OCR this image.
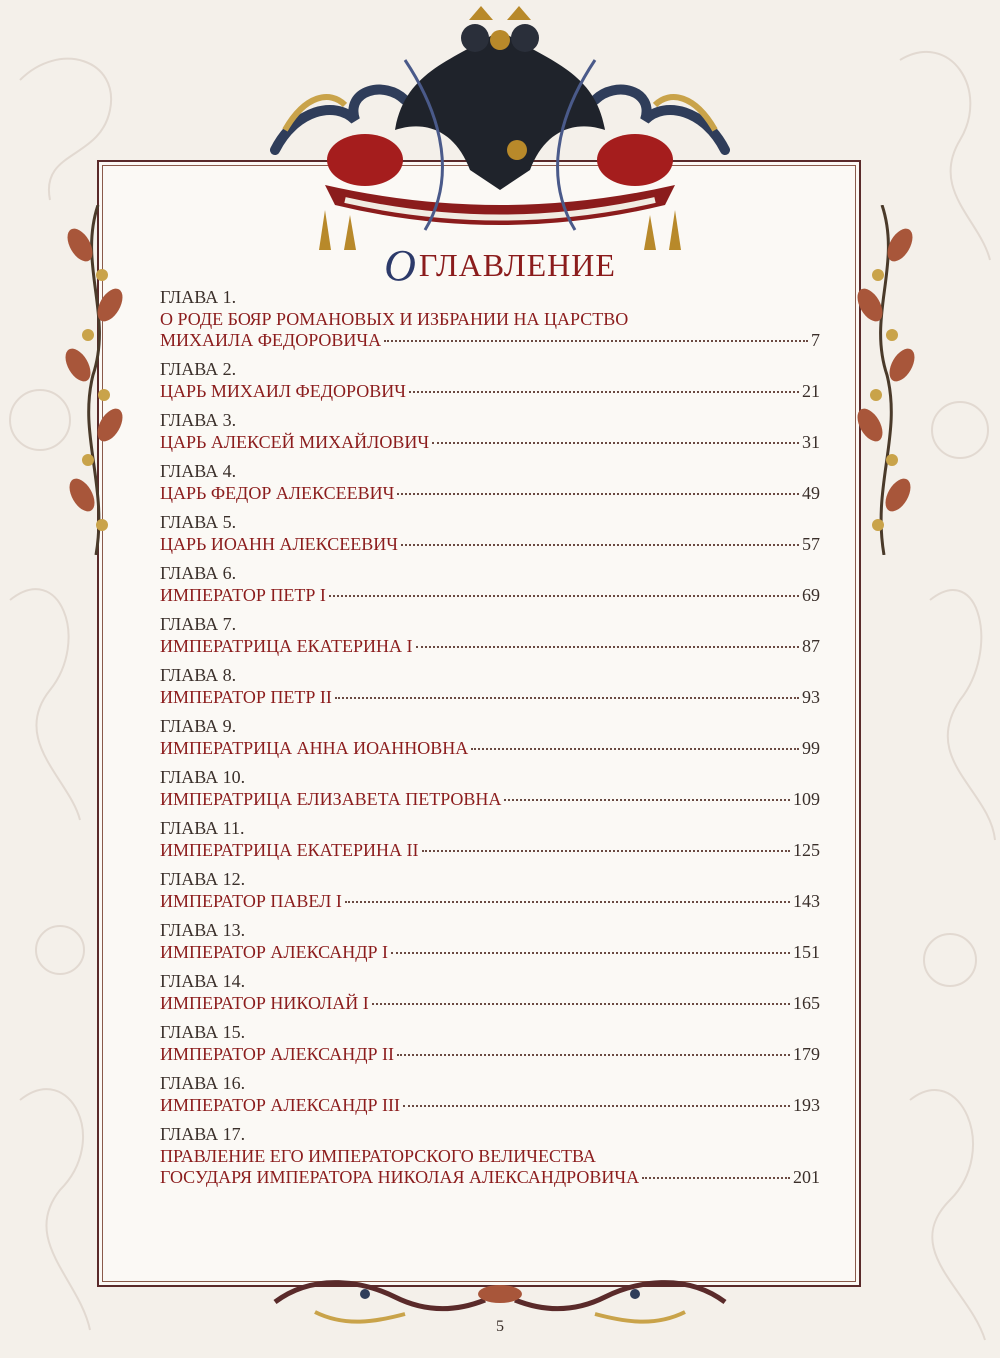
ОГЛАВЛЕНИЕ
ГЛАВА 1.
О РОДЕ БОЯР РОМАНОВЫХ И ИЗБРАНИИ НА ЦАРСТВО
МИХАИЛА ФЕДОРОВИЧА	7
ГЛАВА 2.
ЦАРЬ МИХАИЛ ФЕДОРОВИЧ	21
ГЛАВА 3.
ЦАРЬ АЛЕКСЕЙ МИХАЙЛОВИЧ	31
ГЛАВА 4.
ЦАРЬ ФЕДОР АЛЕКСЕЕВИЧ	49
ГЛАВА 5.
ЦАРЬ ИОАНН АЛЕКСЕЕВИЧ	57
ГЛАВА 6.
ИМПЕРАТОР ПЕТР I	69
ГЛАВА 7.
ИМПЕРАТРИЦА ЕКАТЕРИНА I	87
ГЛАВА 8.
ИМПЕРАТОР ПЕТР II	93
ГЛАВА 9.
ИМПЕРАТРИЦА АННА ИОАННОВНА	99
ГЛАВА 10.
ИМПЕРАТРИЦА ЕЛИЗАВЕТА ПЕТРОВНА	109
ГЛАВА 11.
ИМПЕРАТРИЦА ЕКАТЕРИНА II	125
ГЛАВА 12.
ИМПЕРАТОР ПАВЕЛ I	143
ГЛАВА 13.
ИМПЕРАТОР АЛЕКСАНДР I	151
ГЛАВА 14.
ИМПЕРАТОР НИКОЛАЙ I	165
ГЛАВА 15.
ИМПЕРАТОР АЛЕКСАНДР II	179
ГЛАВА 16.
ИМПЕРАТОР АЛЕКСАНДР III	193
ГЛАВА 17.
ПРАВЛЕНИЕ ЕГО ИМПЕРАТОРСКОГО ВЕЛИЧЕСТВА
ГОСУДАРЯ ИМПЕРАТОРА НИКОЛАЯ АЛЕКСАНДРОВИЧА	201
5
